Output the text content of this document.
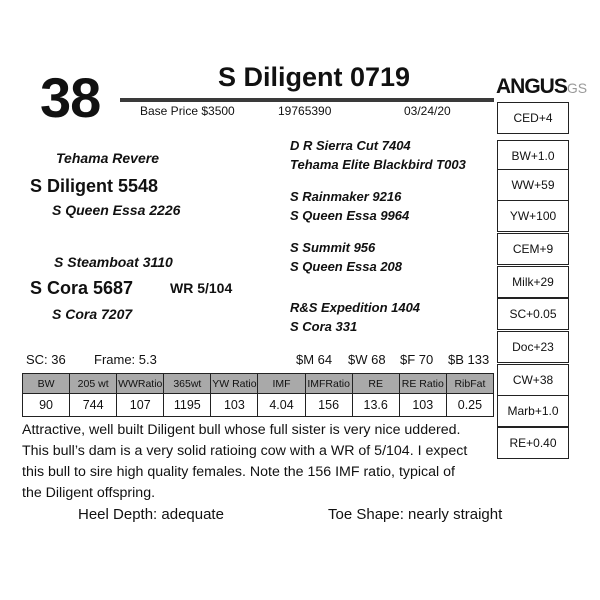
38	S Diligent 0719
Base Price $3500	19765390	03/24/20
ANGUSGS
CED+4
BW+1.0
WW+59
YW+100
CEM+9
Milk+29
SC+0.05
Doc+23
CW+38
Marb+1.0
RE+0.40
Tehama Revere
S Diligent 5548
S Queen Essa 2226
D R Sierra Cut 7404
Tehama Elite Blackbird T003
S Rainmaker 9216
S Queen Essa 9964
S Steamboat 3110
S Cora 5687	WR 5/104
S Cora 7207
S Summit 956
S Queen Essa 208
R&S Expedition 1404
S Cora 331
SC: 36 Frame: 5.3	$M 64 $W 68 $F 70 $B 133
BW	205 wt	WWRatio	365wt	YW Ratio	IMF	IMFRatio	RE	RE Ratio	RibFat
90	744	107	1195	103	4.04	156	13.6	103	0.25
Attractive, well built Diligent bull whose full sister is very nice uddered. This bull’s dam is a very solid ratioing cow with a WR of 5/104. I expect this bull to sire high quality females. Note the 156 IMF ratio, typical of the Diligent offspring.
Heel Depth: adequate	Toe Shape: nearly straight
